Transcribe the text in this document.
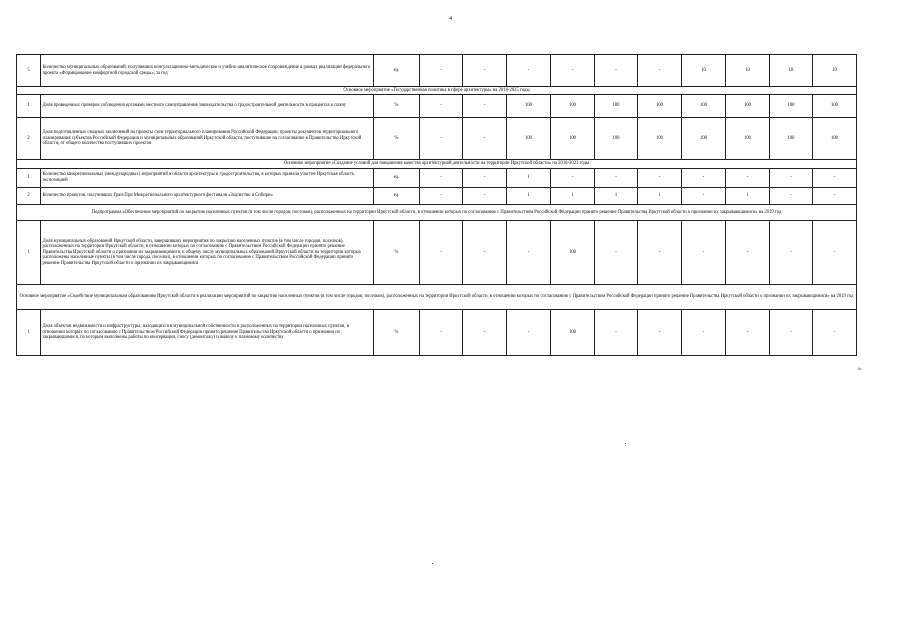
4
5	Количество муниципальных образований, получивших консультационно-методическое и учебно-аналитическое сопровождение в рамках реализации федерального проекта «Формирование комфортной городской среды», за год	ед.	-	-	-	-	-	-	10	10	10	10
Основное мероприятие «Государственная политика в сфере архитектуры» на 2018-2025 годы												
1	Доля проведенных проверок соблюдения органами местного самоуправления законодательства о градостроительной деятельности в процентах к плану	%	-	-	100	100	100	100	100	100	100	100
2	Доля подготовленных сводных заключений на проекты схем территориального планирования Российской Федерации, проекты документов территориального планирования субъектов Российской Федерации и муниципальных образований Иркутской области, поступившие на согласование в Правительство Иркутской области, от общего количества поступивших проектов	%	-	-	100	100	100	100	100	100	100	100
Основное мероприятие «Создание условий для повышения качества архитектурной деятельности на территории Иркутской области» на 2018-2023 годы												
1	Количество межрегиональных (международных) мероприятий в области архитектуры и градостроительства, в которых приняла участие Иркутская область экспозицией	ед.	-	-	1	-	-	-	-	-	-	-
2	Количество проектов, получивших Гран-При Межрегионального архитектурного фестиваля «Зодчество в Сибири»	ед.	-	-	1	1	1	1	-	1	-	-
Подпрограмма «Обеспечение мероприятий по закрытию населенных пунктов (в том числе городов, поселков), расположенных на территории Иркутской области, в отношении которых по согласованию с Правительством Российской Федерации принято решение Правительства Иркутской области о признании их закрывающимися» на 2019 год												
1	Доля муниципальных образований Иркутской области, завершивших мероприятия по закрытию населенных пунктов (в том числе городов, поселков), расположенных на территории Иркутской области, в отношении которых по согласованию с Правительством Российской Федерации принято решение Правительства Иркутской области о признании их закрывающимися, к общему числу муниципальных образований Иркутской области на территории которых расположены населенные пункты (в том числе города, поселки), в отношении которых по согласованию с Правительством Российской Федерации принято решение Правительства Иркутской области о признании их закрывающимися	%	-	-	-	100	-	-	-	-	-	-
Основное мероприятие «Содействие муниципальным образованиям Иркутской области в реализации мероприятий по закрытию населенных пунктов (в том числе городов, поселков), расположенных на территории Иркутской области, в отношении которых по согласованию с Правительством Российской Федерации принято решение Правительства Иркутской области о признании их закрывающимися» на 2019 год												
1	Доля объектов недвижимости и инфраструктуры, находящихся в муниципальной собственности и расположенных на территории населенных пунктов, в отношении которых по согласованию с Правительством Российской Федерации принято решение Правительства Иркутской области о признании их закрывающимися, по которым выполнены работы по консервации, сносу (демонтажу) и вывозу к плановому количеству	%	-	-	-	100	-	-	-	-	-	-
».
